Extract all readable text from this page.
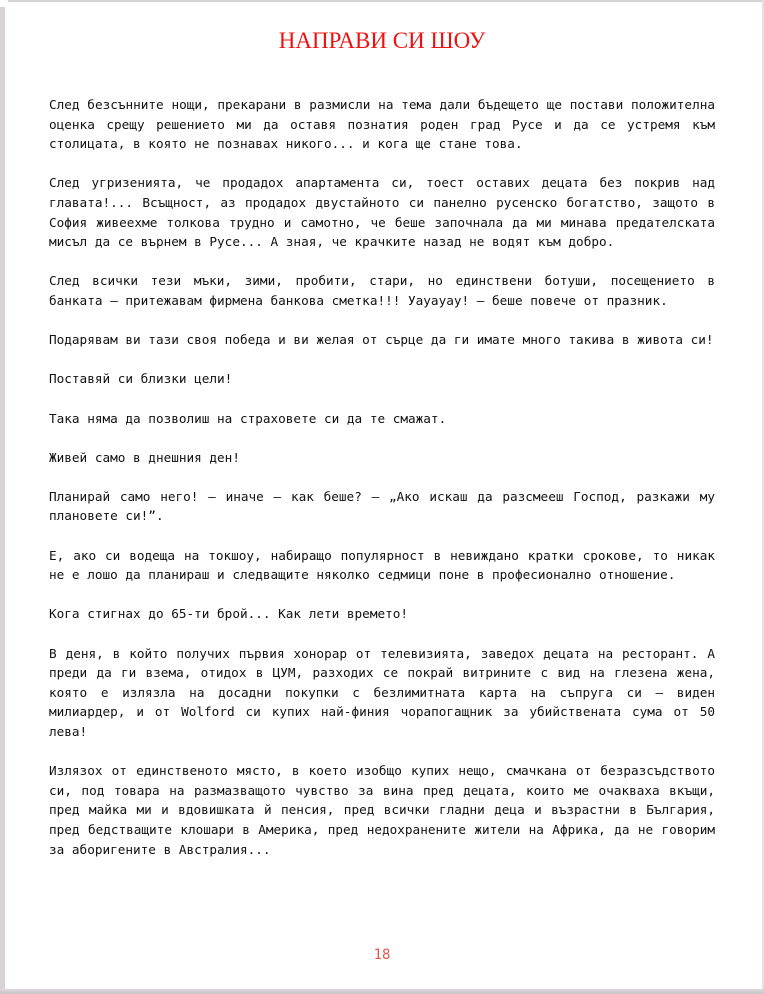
НАПРАВИ СИ ШОУ

След безсънните нощи, прекарани в размисли на тема дали бъдещето ще постави положителна оценка срещу решението ми да оставя познатия роден град Русе и да се устремя към столицата, в която не познавах никого... и кога ще стане това.

След угризенията, че продадох апартамента си, тоест оставих децата без покрив над главата!... Всъщност, аз продадох двустайното си панелно русенско богатство, защото в София живеехме толкова трудно и самотно, че беше започнала да ми минава предателската мисъл да се върнем в Русе... А зная, че крачките назад не водят към добро.

След всички тези мъки, зими, пробити, стари, но единствени ботуши, посещението в банката – притежавам фирмена банкова сметка!!! Уауауау! – беше повече от празник.

Подарявам ви тази своя победа и ви желая от сърце да ги имате много такива в живота си!

Поставяй си близки цели!

Така няма да позволиш на страховете си да те смажат.

Живей само в днешния ден!

Планирай само него! – иначе – как беше? – „Ако искаш да разсмееш Господ, разкажи му плановете си!”.

Е, ако си водеща на токшоу, набиращо популярност в невиждано кратки срокове, то никак не е лошо да планираш и следващите няколко седмици поне в професионално отношение.

Кога стигнах до 65-ти брой... Как лети времето!

В деня, в който получих първия хонорар от телевизията, заведох децата на ресторант. А преди да ги взема, отидох в ЦУМ, разходих се покрай витрините с вид на глезена жена, която е излязла на досадни покупки с безлимитната карта на съпруга си – виден милиардер, и от Wolford си купих най-финия чорапогащник за убийствената сума от 50 лева!

Излязох от единственото място, в което изобщо купих нещо, смачкана от безразсъдството си, под товара на размазващото чувство за вина пред децата, които ме очакваха вкъщи, пред майка ми и вдовишката й пенсия, пред всички гладни деца и възрастни в България, пред бедстващите клошари в Америка, пред недохранените жители на Африка, да не говорим за аборигените в Австралия...

18
